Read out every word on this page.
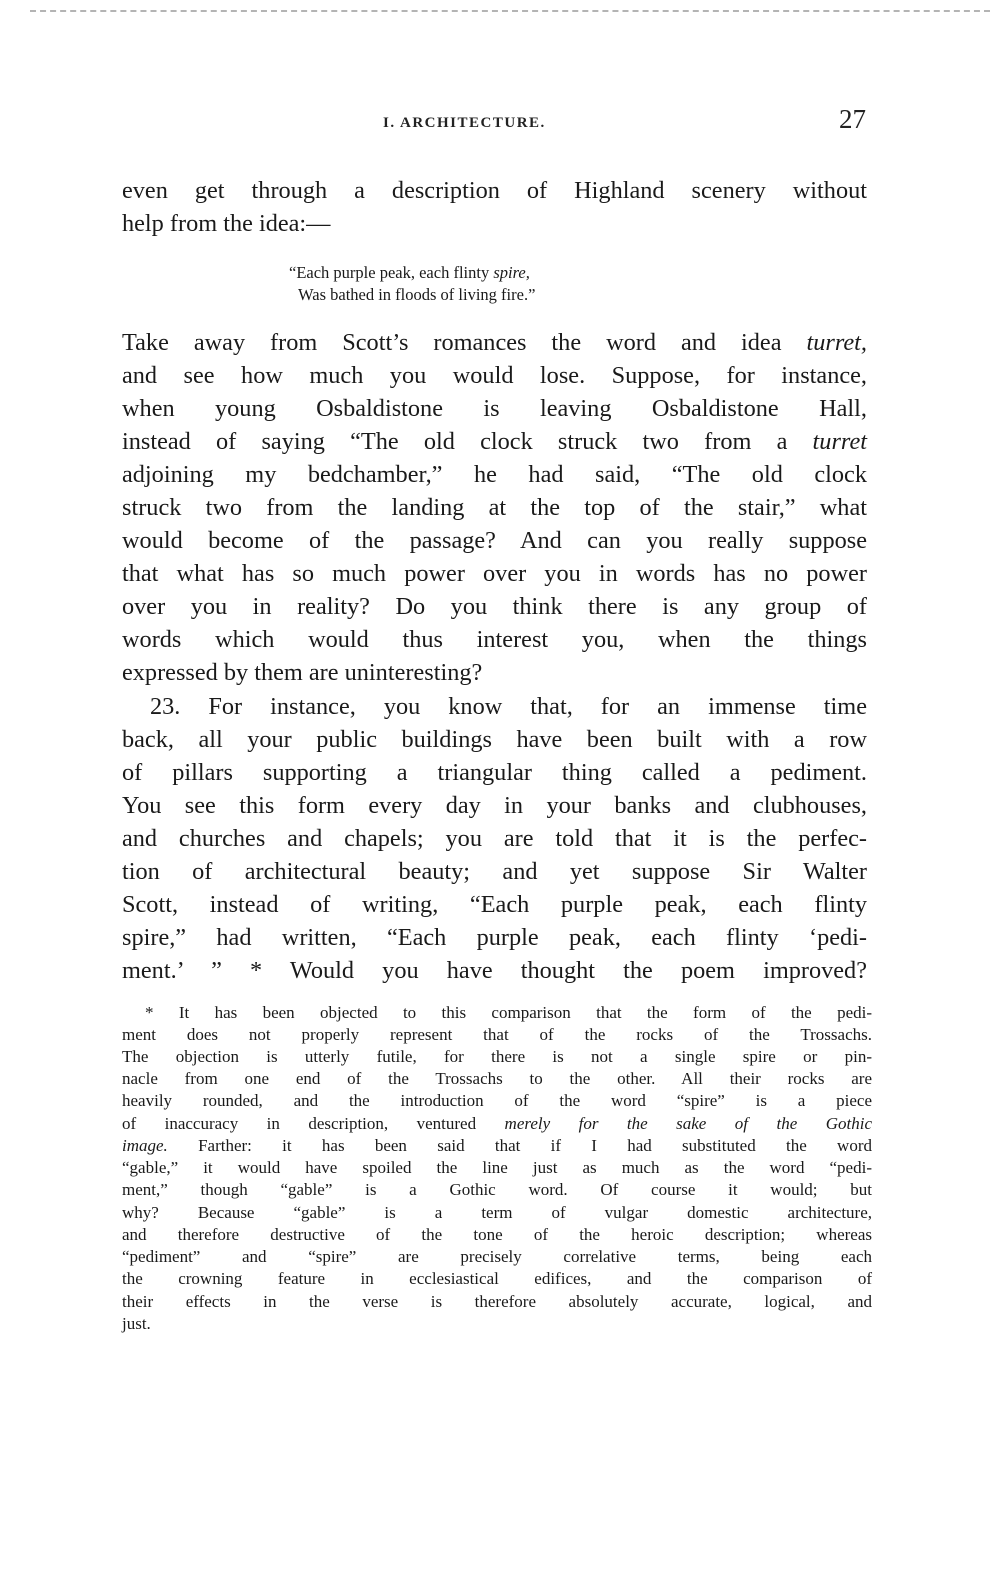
I. ARCHITECTURE.	27
even get through a description of Highland scenery without
help from the idea:—
“Each purple peak, each flinty spire,
Was bathed in floods of living fire.”
Take away from Scott’s romances the word and idea turret,
and see how much you would lose. Suppose, for instance,
when young Osbaldistone is leaving Osbaldistone Hall,
instead of saying “The old clock struck two from a turret
adjoining my bedchamber,” he had said, “The old clock
struck two from the landing at the top of the stair,” what
would become of the passage? And can you really suppose
that what has so much power over you in words has no power
over you in reality? Do you think there is any group of
words which would thus interest you, when the things
expressed by them are uninteresting?
23. For instance, you know that, for an immense time
back, all your public buildings have been built with a row
of pillars supporting a triangular thing called a pediment.
You see this form every day in your banks and clubhouses,
and churches and chapels; you are told that it is the perfec-
tion of architectural beauty; and yet suppose Sir Walter
Scott, instead of writing, “Each purple peak, each flinty
spire,” had written, “Each purple peak, each flinty ‘pedi-
ment.’ ” * Would you have thought the poem improved?
* It has been objected to this comparison that the form of the pedi-
ment does not properly represent that of the rocks of the Trossachs.
The objection is utterly futile, for there is not a single spire or pin-
nacle from one end of the Trossachs to the other. All their rocks are
heavily rounded, and the introduction of the word “spire” is a piece
of inaccuracy in description, ventured merely for the sake of the Gothic
image. Farther: it has been said that if I had substituted the word
“gable,” it would have spoiled the line just as much as the word “pedi-
ment,” though “gable” is a Gothic word. Of course it would; but
why? Because “gable” is a term of vulgar domestic architecture,
and therefore destructive of the tone of the heroic description; whereas
“pediment” and “spire” are precisely correlative terms, being each
the crowning feature in ecclesiastical edifices, and the comparison of
their effects in the verse is therefore absolutely accurate, logical, and
just.
